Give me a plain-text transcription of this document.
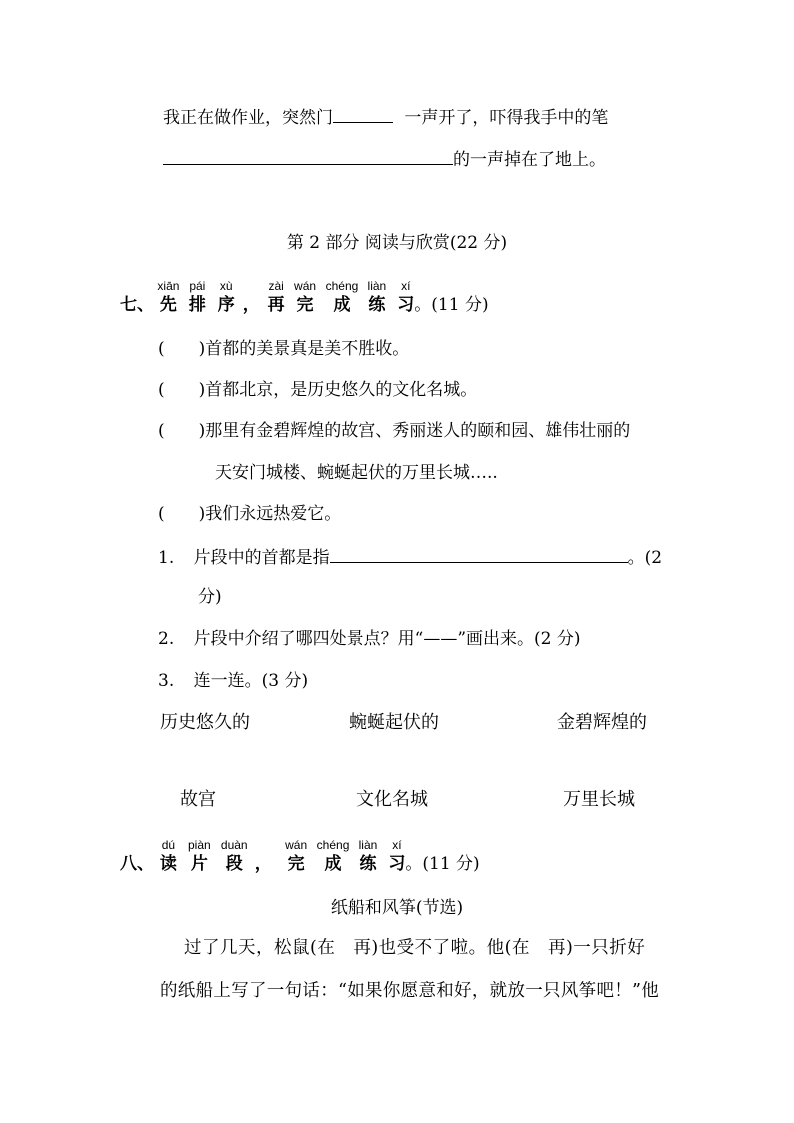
我正在做作业，突然门	一声开了，吓得我手中的笔
的一声掉在了地上。
第 2 部分 阅读与欣赏(22 分)
七、
xiān
先
pái
排
xù
序 ，
zài
再
wán
完
chéng
成
liàn
练
xí
习。(11 分)
(　　)首都的美景真是美不胜收。
(　　)首都北京，是历史悠久的文化名城。
(　　)那里有金碧辉煌的故宫、秀丽迷人的颐和园、雄伟壮丽的
天安门城楼、蜿蜒起伏的万里长城…..
(　　)我们永远热爱它。
1. 片段中的首都是指	。(2
分)
2. 片段中介绍了哪四处景点？用“——”画出来。(2 分)
3. 连一连。(3 分)
历史悠久的	蜿蜒起伏的	金碧辉煌的
故宫	文化名城	万里长城
八、
dú
读
piàn
片
duàn
段 ，
wán
完
chéng
成
liàn
练
xí
习。(11 分)
纸船和风筝(节选)
过了几天，松鼠(在　再)也受不了啦。他(在　再)一只折好
的纸船上写了一句话：“如果你愿意和好，就放一只风筝吧！”他
